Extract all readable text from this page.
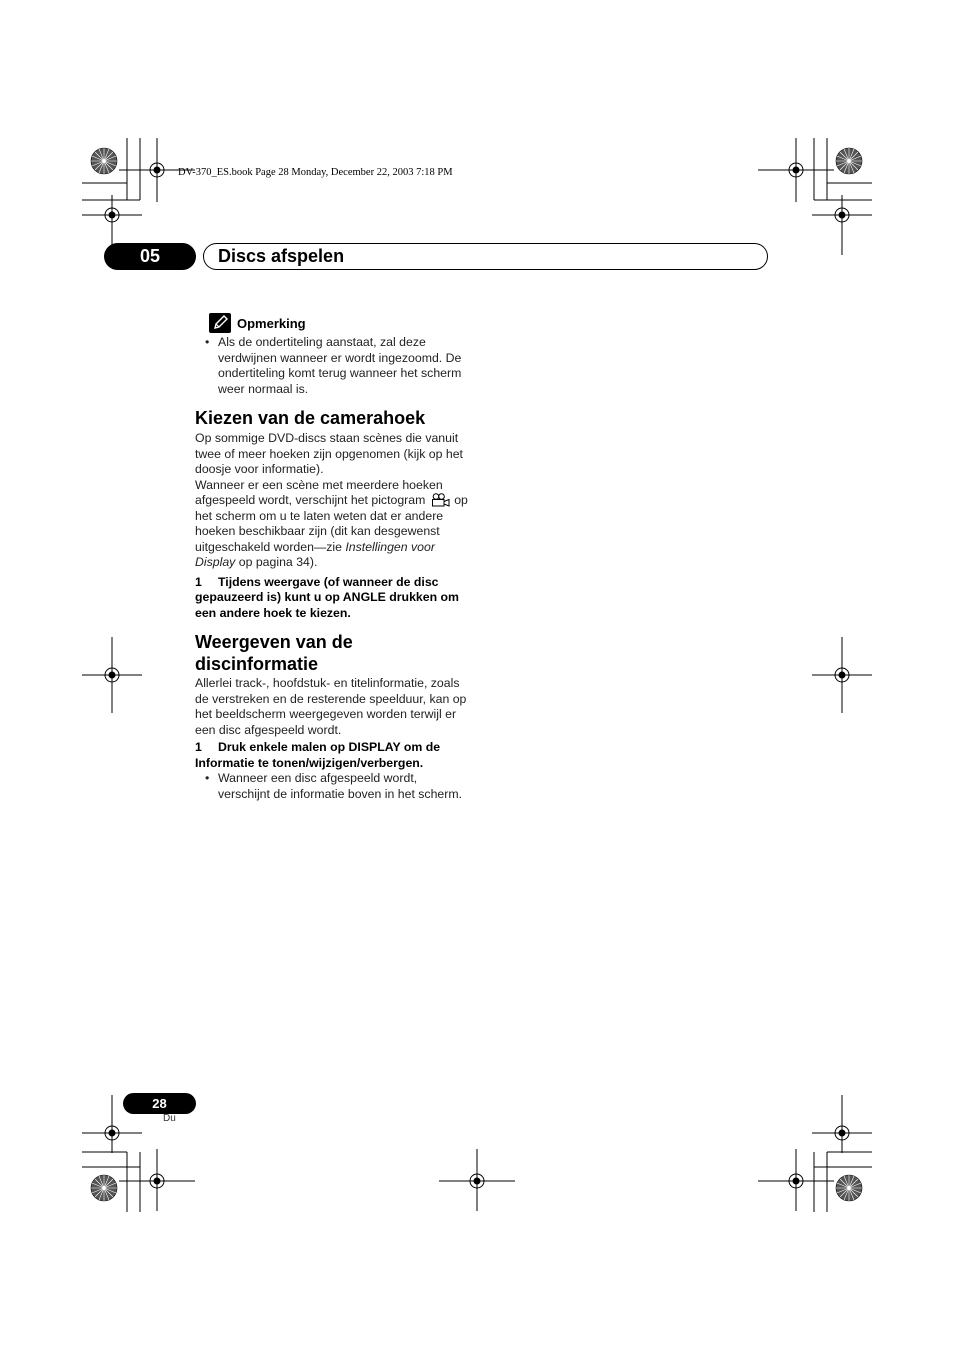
DV-370_ES.book Page 28 Monday, December 22, 2003 7:18 PM
05	Discs afspelen
Opmerking
• Als de ondertiteling aanstaat, zal deze verdwijnen wanneer er wordt ingezoomd. De ondertiteling komt terug wanneer het scherm weer normaal is.
Kiezen van de camerahoek

Op sommige DVD-discs staan scènes die vanuit twee of meer hoeken zijn opgenomen (kijk op het doosje voor informatie).

Wanneer er een scène met meerdere hoeken afgespeeld wordt, verschijnt het pictogram op het scherm om u te laten weten dat er andere hoeken beschikbaar zijn (dit kan desgewenst uitgeschakeld worden—zie Instellingen voor Display op pagina 34).

1 Tijdens weergave (of wanneer de disc gepauzeerd is) kunt u op ANGLE drukken om een andere hoek te kiezen.
Weergeven van de discinformatie

Allerlei track-, hoofdstuk- en titelinformatie, zoals de verstreken en de resterende speelduur, kan op het beeldscherm weergegeven worden terwijl er een disc afgespeeld wordt.

1 Druk enkele malen op DISPLAY om de Informatie te tonen/wijzigen/verbergen.
• Wanneer een disc afgespeeld wordt, verschijnt de informatie boven in het scherm.
28
Du
